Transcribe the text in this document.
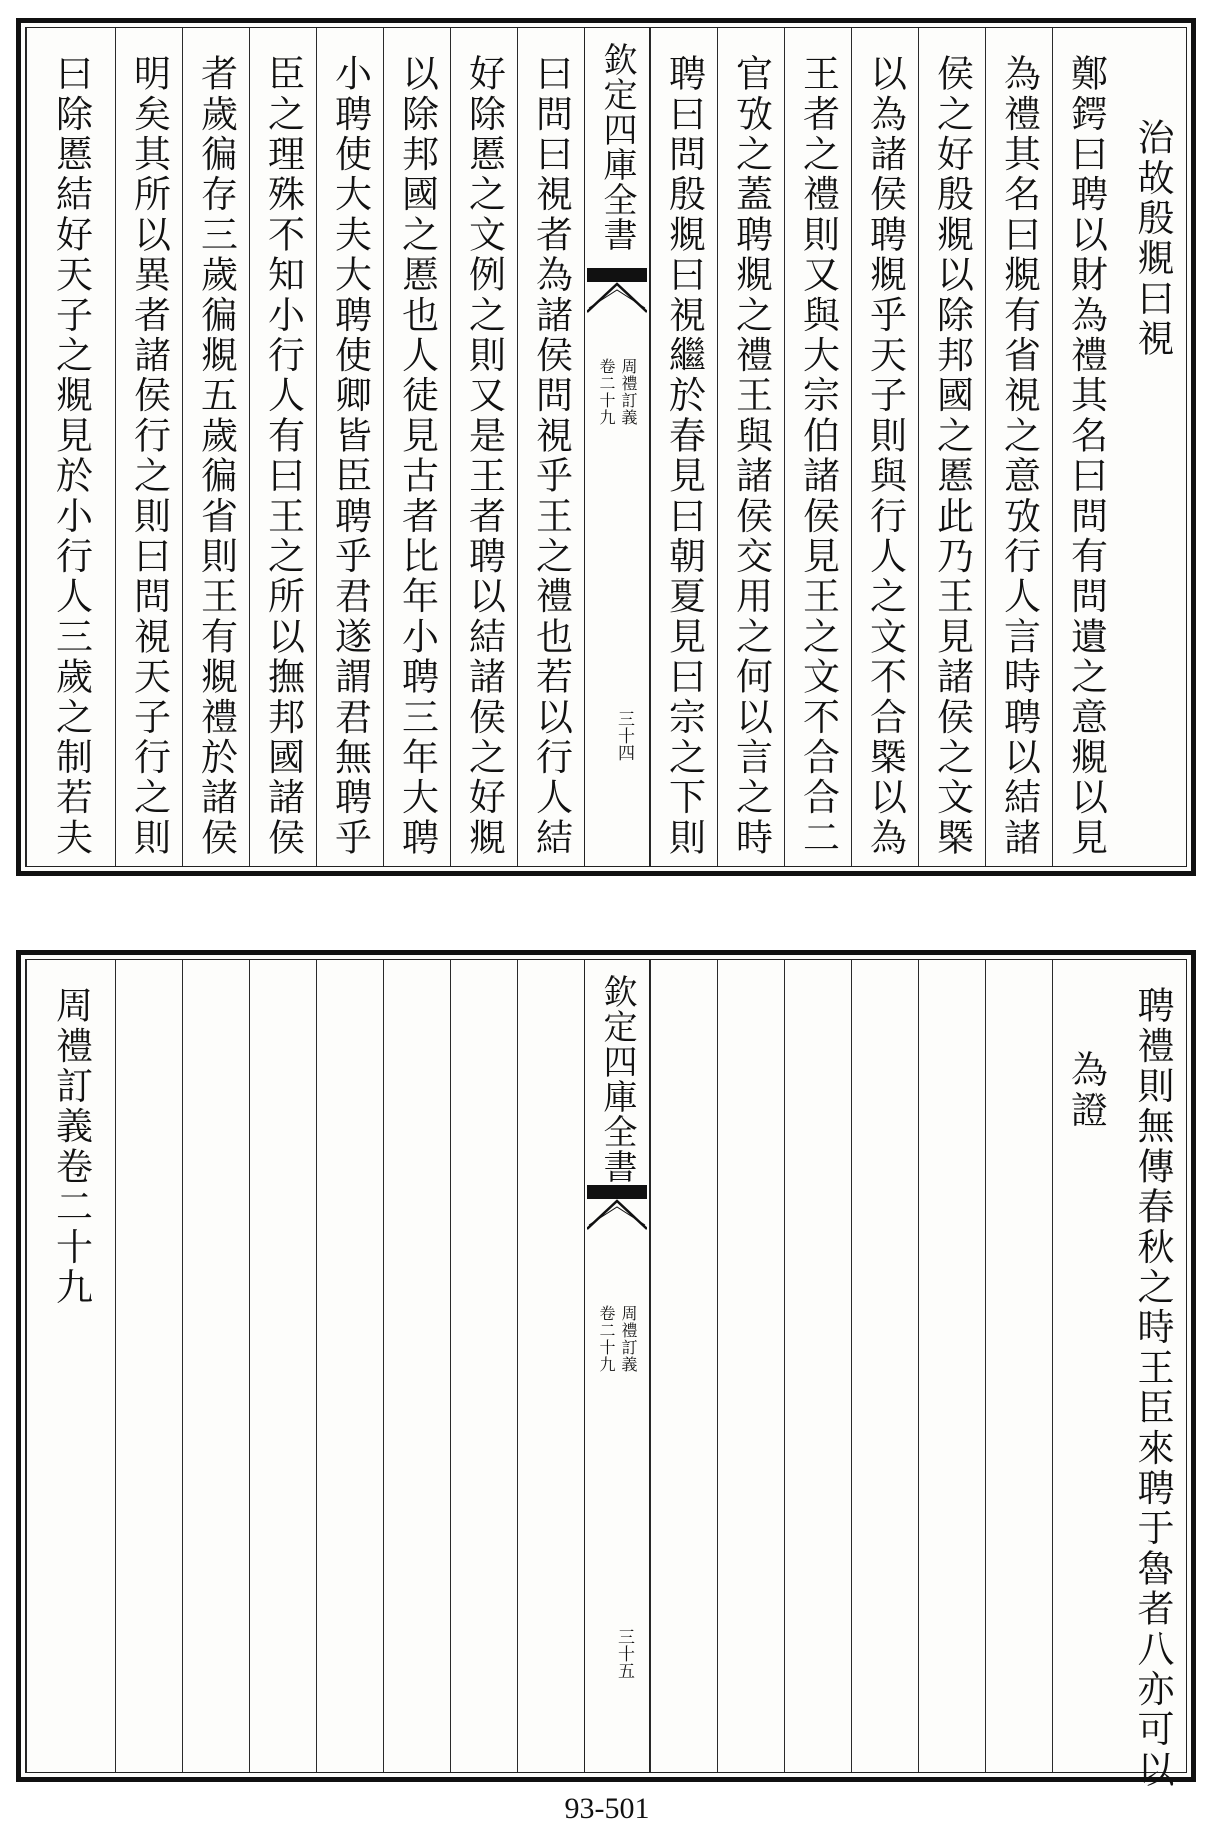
治故殷覜曰視
鄭鍔曰聘以財為禮其名曰問有問遺之意覜以見
為禮其名曰覜有省視之意攷行人言時聘以結諸
侯之好殷覜以除邦國之慝此乃王見諸侯之文槩
以為諸侯聘覜乎天子則與行人之文不合槩以為
王者之禮則又與大宗伯諸侯見王之文不合合二
官攷之蓋聘覜之禮王與諸侯交用之何以言之時
聘曰問殷覜曰視繼於春見曰朝夏見曰宗之下則
欽定四庫全書
周禮訂義
卷二十九
三十四
曰問曰視者為諸侯問視乎王之禮也若以行人結
好除慝之文例之則又是王者聘以結諸侯之好覜
以除邦國之慝也人徒見古者比年小聘三年大聘
小聘使大夫大聘使卿皆臣聘乎君遂謂君無聘乎
臣之理殊不知小行人有曰王之所以撫邦國諸侯
者歲徧存三歲徧覜五歲徧省則王有覜禮於諸侯
明矣其所以異者諸侯行之則曰問視天子行之則
曰除慝結好天子之覜見於小行人三歲之制若夫
聘禮則無傳春秋之時王臣來聘于魯者八亦可以
為證
欽定四庫全書
周禮訂義
卷二十九
三十五
周禮訂義卷二十九
93-501
